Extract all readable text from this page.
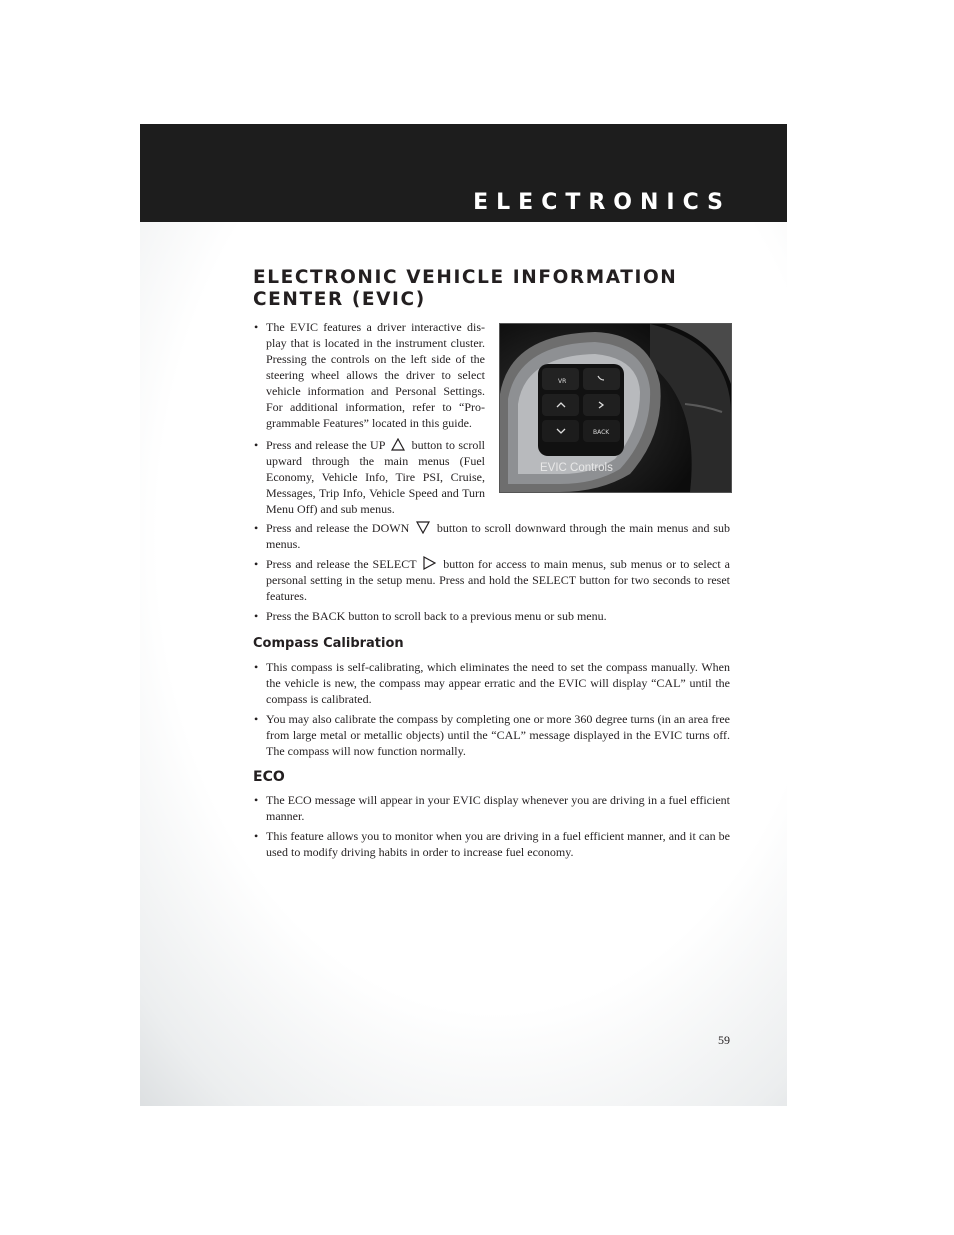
ELECTRONICS
ELECTRONIC VEHICLE INFORMATION CENTER (EVIC)
BACK
VR
EVIC Controls
• The EVIC features a driver interactive dis-play that is located in the instrument cluster. Pressing the controls on the left side of the steering wheel allows the driver to select vehicle information and Personal Settings. For additional information, refer to “Pro-grammable Features” located in this guide.
• Press and release the UP button to scroll upward through the main menus (Fuel Economy, Vehicle Info, Tire PSI, Cruise, Messages, Trip Info, Vehicle Speed and Turn Menu Off) and sub menus.
• Press and release the DOWN button to scroll downward through the main menus and sub menus.
• Press and release the SELECT button for access to main menus, sub menus or to select a personal setting in the setup menu. Press and hold the SELECT button for two seconds to reset features.
• Press the BACK button to scroll back to a previous menu or sub menu.
Compass Calibration
• This compass is self-calibrating, which eliminates the need to set the compass manually. When the vehicle is new, the compass may appear erratic and the EVIC will display “CAL” until the compass is calibrated.
• You may also calibrate the compass by completing one or more 360 degree turns (in an area free from large metal or metallic objects) until the “CAL” message displayed in the EVIC turns off. The compass will now function normally.
ECO
• The ECO message will appear in your EVIC display whenever you are driving in a fuel efficient manner.
• This feature allows you to monitor when you are driving in a fuel efficient manner, and it can be used to modify driving habits in order to increase fuel economy.
59
